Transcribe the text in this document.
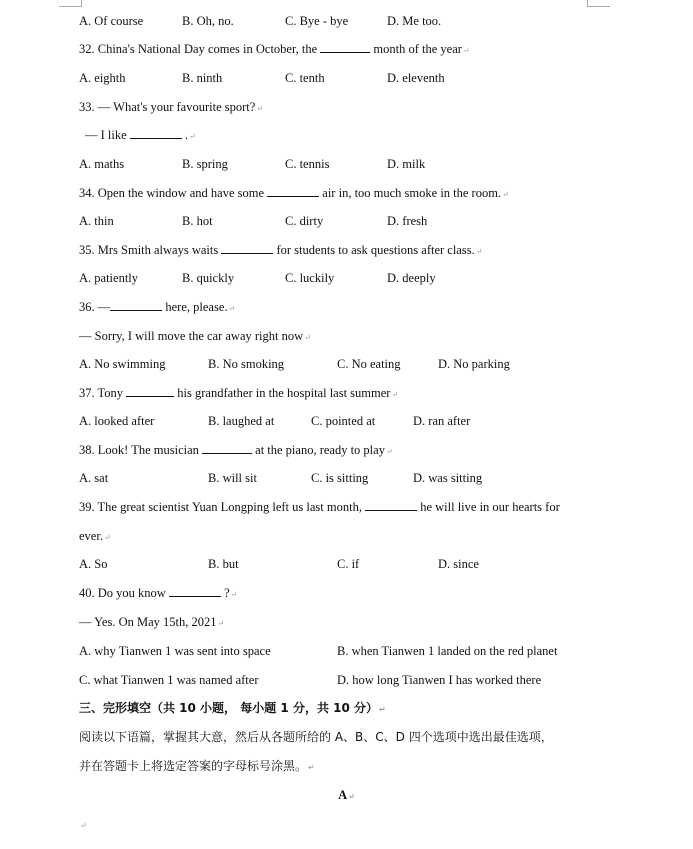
A. Of course	B. Oh, no.	C. Bye - bye	D. Me too.
32. China's National Day comes in October, the	month of the year↵
A. eighth	B. ninth	C. tenth	D. eleventh
33. — What's your favourite sport?↵
— I like	.↵
A. maths	B. spring	C. tennis	D. milk
34. Open the window and have some	air in, too much smoke in the room.↵
A. thin	B. hot	C. dirty	D. fresh
35. Mrs Smith always waits	for students to ask questions after class.↵
A. patiently	B. quickly	C. luckily	D. deeply
36. —	here, please.↵
— Sorry, I will move the car away right now↵
A. No swimming	B. No smoking	C. No eating	D. No parking
37. Tony	his grandfather in the hospital last summer↵
A. looked after	B. laughed at	C. pointed at	D. ran after
38. Look! The musician	at the piano, ready to play↵
A. sat	B. will sit	C. is sitting	D. was sitting
39. The great scientist Yuan Longping left us last month,	he will live in our hearts for
ever.↵
A. So	B. but	C. if	D. since
40. Do you know	?↵
— Yes. On May 15th, 2021↵
A. why Tianwen 1 was sent into space	B. when Tianwen 1 landed on the red planet
C. what Tianwen 1 was named after	D. how long Tianwen I has worked there
三、完形填空（共 10 小题， 每小题 1 分，共 10 分）↵
阅读以下语篇，掌握其大意，然后从各题所给的 A、B、C、D 四个选项中选出最佳选项，
并在答题卡上将选定答案的字母标号涂黑。↵
A↵
↵
